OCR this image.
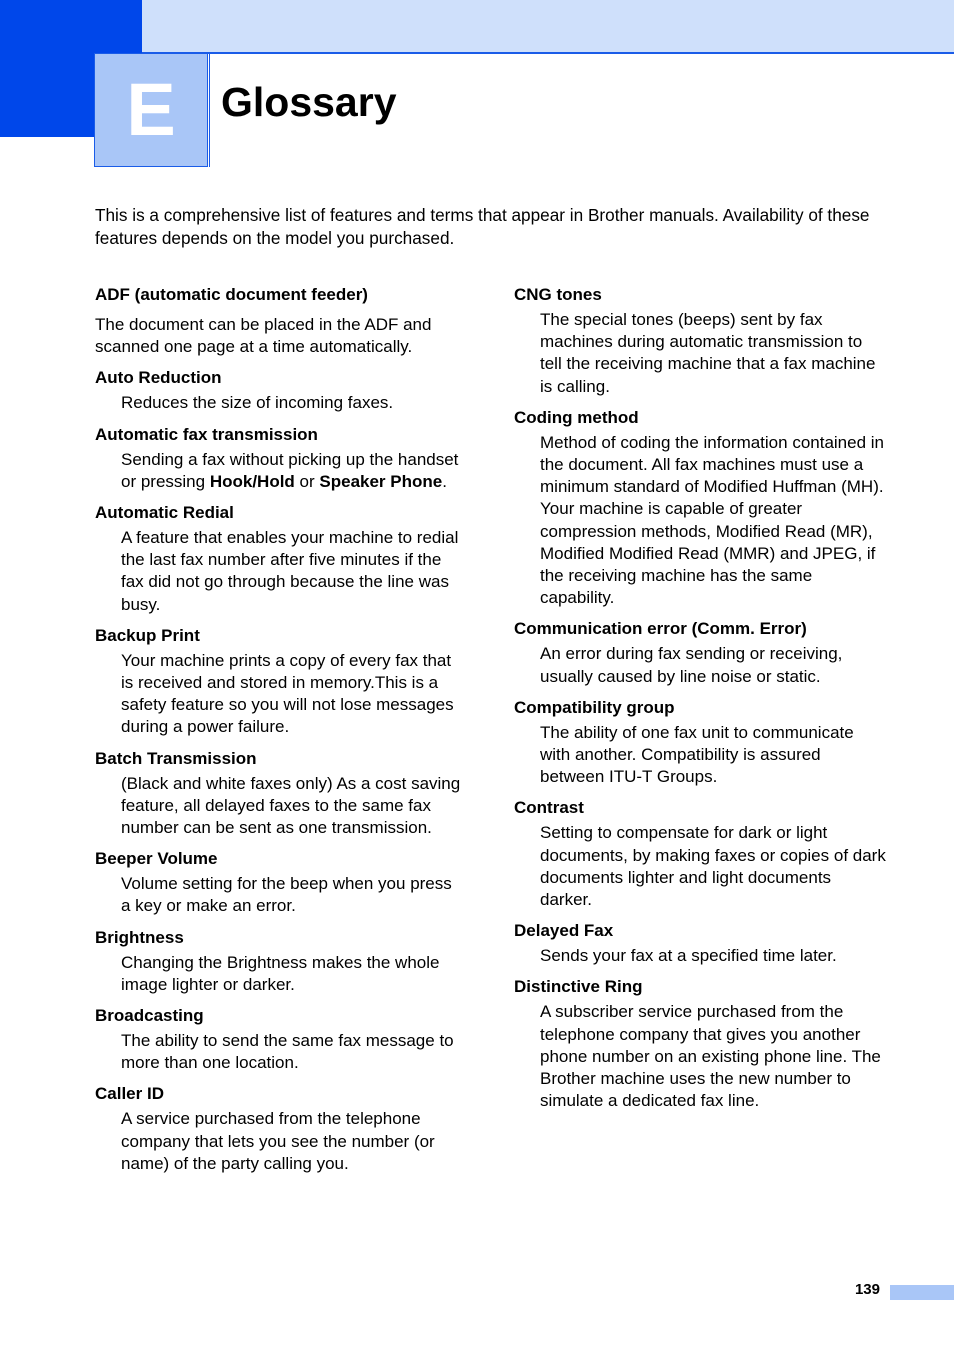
E Glossary

This is a comprehensive list of features and terms that appear in Brother manuals. Availability of these features depends on the model you purchased.

ADF (automatic document feeder)
The document can be placed in the ADF and scanned one page at a time automatically.
Auto Reduction
Reduces the size of incoming faxes.
Automatic fax transmission
Sending a fax without picking up the handset or pressing Hook/Hold or Speaker Phone.
Automatic Redial
A feature that enables your machine to redial the last fax number after five minutes if the fax did not go through because the line was busy.
Backup Print
Your machine prints a copy of every fax that is received and stored in memory.This is a safety feature so you will not lose messages during a power failure.
Batch Transmission
(Black and white faxes only) As a cost saving feature, all delayed faxes to the same fax number can be sent as one transmission.
Beeper Volume
Volume setting for the beep when you press a key or make an error.
Brightness
Changing the Brightness makes the whole image lighter or darker.
Broadcasting
The ability to send the same fax message to more than one location.
Caller ID
A service purchased from the telephone company that lets you see the number (or name) of the party calling you.
CNG tones
The special tones (beeps) sent by fax machines during automatic transmission to tell the receiving machine that a fax machine is calling.
Coding method
Method of coding the information contained in the document. All fax machines must use a minimum standard of Modified Huffman (MH). Your machine is capable of greater compression methods, Modified Read (MR), Modified Modified Read (MMR) and JPEG, if the receiving machine has the same capability.
Communication error (Comm. Error)
An error during fax sending or receiving, usually caused by line noise or static.
Compatibility group
The ability of one fax unit to communicate with another. Compatibility is assured between ITU-T Groups.
Contrast
Setting to compensate for dark or light documents, by making faxes or copies of dark documents lighter and light documents darker.
Delayed Fax
Sends your fax at a specified time later.
Distinctive Ring
A subscriber service purchased from the telephone company that gives you another phone number on an existing phone line. The Brother machine uses the new number to simulate a dedicated fax line.
139
